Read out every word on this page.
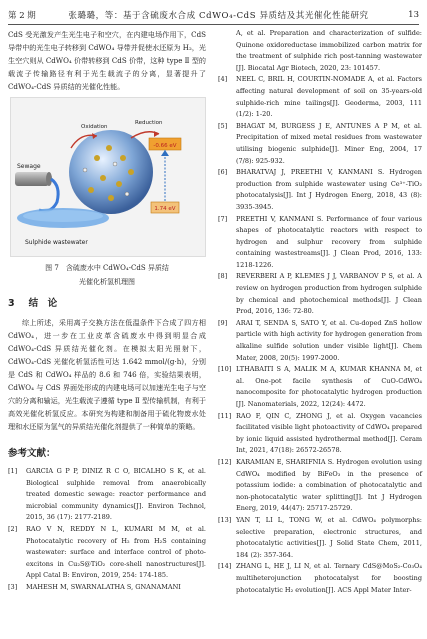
第 2 期	张璐璐，等：基于含硫废水合成 CdWO₄-CdS 异质结及其光催化性能研究	13

CdS 受光激发产生光生电子和空穴，在内建电场作用下，CdS 导带中的光生电子转移到 CdWO₄ 导带并促使水还原为 H₂，光生空穴则从 CdWO₄ 价带转移到 CdS 价带，这种 type Ⅱ 型的载流子传输路径有利于光生载流子的分离，显著提升了 CdWO₄-CdS 异质结的光催化性能。

-0.66 eV
1.74 eV
Sewage
Oxidation
Reduction
Sulphide wastewater
图 7　含硫废水中 CdWO₄-CdS 异质结
光催化析氢机理图
3 结　论

综上所述，采用离子交换方法在低温条件下合成了四方相 CdWO₄，进一步在工业皮革含硫废水中得到明显合成 CdWO₄-CdS 异质结光催化剂。在模拟太阳光照射下，CdWO₄-CdS 光催化析氢活性可达 1.642 mmol/(g·h)，分别是 CdS 和 CdWO₄ 样品的 8.6 和 746 倍，实验结果表明，CdWO₄ 与 CdS 界面处形成的内建电场可以加速光生电子与空穴的分离和输运，光生载流子遵循 type Ⅱ 型传输机制，有利于高效光催化析氢反应。本研究为构建和制备用于硫化物废水处理和水还原为氢气的异质结光催化剂提供了一种简单的策略。

参考文献：
[1]	GARCIA G P P, DINIZ R C O, BICALHO S K, et al. Biological sulphide removal from anaerobically treated domestic sewage: reactor performance and microbial community dynamics[J]. Environ Technol, 2015, 36 (17): 2177-2189.
[2]	RAO V N, REDDY N L, KUMARI M M, et al. Photocatalytic recovery of H₂ from H₂S containing wastewater: surface and interface control of photo-excitons in Cu₂S@TiO₂ core-shell nanostructures[J]. Appl Catal B: Environ, 2019, 254: 174-185.
[3]	MAHESH M, SWARNALATHA S, GNANAMANI
A, et al. Preparation and characterization of sulfide: Quinone oxidoreductase immobilized carbon matrix for the treatment of sulphide rich post-tanning wastewater [J]. Biocatal Agr Biotech, 2020, 23: 101457.
[4]	NEEL C, BRIL H, COURTIN-NOMADE A, et al. Factors affecting natural development of soil on 35-years-old sulphide-rich mine tailings[J]. Geoderma, 2003, 111 (1/2): 1-20.
[5]	BHAGAT M, BURGESS J E, ANTUNES A P M, et al. Precipitation of mixed metal residues from wastewater utilising biogenic sulphide[J]. Miner Eng, 2004, 17 (7/8): 925-932.
[6]	BHARATVAJ J, PREETHI V, KANMANI S. Hydrogen production from sulphide wastewater using Ce³⁺-TiO₂ photocatalysis[J]. Int J Hydrogen Energ, 2018, 43 (8): 3935-3945.
[7]	PREETHI V, KANMANI S. Performance of four various shapes of photocatalytic reactors with respect to hydrogen and sulphur recovery from sulphide containing wastestreams[J]. J Clean Prod, 2016, 133: 1218-1226.
[8]	REVERBERI A P, KLEMES J J, VARBANOV P S, et al. A review on hydrogen production from hydrogen sulphide by chemical and photochemical methods[J]. J Clean Prod, 2016, 136: 72-80.
[9]	ARAI T, SENDA S, SATO Y, et al. Cu-doped ZnS hollow particle with high activity for hydrogen generation from alkaline sulfide solution under visible light[J]. Chem Mater, 2008, 20(5): 1997-2000.
[10] LTHABAITI S A, MALIK M A, KUMAR KHANNA M, et al. One-pot facile synthesis of CuO-CdWO₄ nanocomposite for photocatalytic hydrogen production [J]. Nanomaterials, 2022, 12(24): 4472.
[11] RAO F, QIN C, ZHONG J, et al. Oxygen vacancies facilitated visible light photoactivity of CdWO₄ prepared by ionic liquid assisted hydrothermal method[J]. Ceram Int, 2021, 47(18): 26572-26578.
[12] KARAMIAN E, SHARIFNIA S. Hydrogen evolution using CdWO₄ modified by BiFeO₃ in the presence of potassium iodide: a combination of photocatalytic and non-photocatalytic water splitting[J]. Int J Hydrogen Energ, 2019, 44(47): 25717-25729.
[13] YAN T, LI L, TONG W, et al. CdWO₄ polymorphs: selective preparation, electronic structures, and photocatalytic activities[J]. J Solid State Chem, 2011, 184 (2): 357-364.
[14] ZHANG L, HE J, LI N, et al. Ternary CdS@MoS₂-Co₃O₄ multiheterojunction photocatalyst for boosting photocatalytic H₂ evolution[J]. ACS Appl Mater Inter-
